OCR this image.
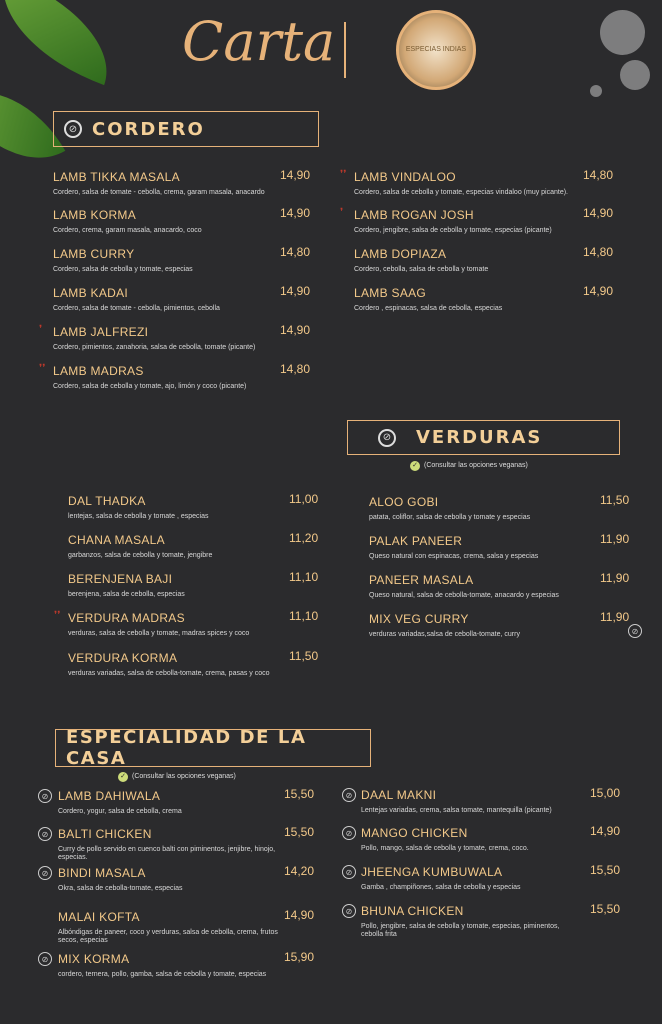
Carta	ESPECIAS INDIAS
⊘ CORDERO
LAMB TIKKA MASALA	14,90
Cordero, salsa de tomate - cebolla, crema, garam masala, anacardo
LAMB KORMA	14,90
Cordero, crema, garam masala, anacardo, coco
LAMB CURRY	14,80
Cordero, salsa de cebolla y tomate, especias
LAMB KADAI	14,90
Cordero, salsa de tomate - cebolla, pimientos, cebolla
❜ LAMB JALFREZI	14,90
Cordero, pimientos, zanahoria, salsa de cebolla, tomate (picante)
❜❜ LAMB MADRAS	14,80
Cordero, salsa de cebolla y tomate, ajo, limón y coco (picante)
❜❜ LAMB VINDALOO	14,80
Cordero, salsa de cebolla y tomate, especias vindaloo (muy picante).
❜ LAMB ROGAN JOSH	14,90
Cordero, jengibre, salsa de cebolla y tomate, especias (picante)
LAMB DOPIAZA	14,80
Cordero, cebolla, salsa de cebolla y tomate
LAMB SAAG	14,90
Cordero , espinacas, salsa de cebolla, especias
⊘ VERDURAS
✓ (Consultar las opciones veganas)
DAL THADKA	11,00
lentejas, salsa de cebolla y tomate , especias
CHANA MASALA	11,20
garbanzos, salsa de cebolla y tomate, jengibre
BERENJENA BAJI	11,10
berenjena, salsa de cebolla, especias
❜❜ VERDURA MADRAS	11,10
verduras, salsa de cebolla y tomate, madras spices y coco
VERDURA KORMA	11,50
verduras variadas, salsa de cebolla-tomate, crema, pasas y coco
ALOO GOBI	11,50
patata, coliflor, salsa de cebolla y tomate y especias
PALAK PANEER	11,90
Queso natural con espinacas, crema, salsa y especias
PANEER MASALA	11,90
Queso natural, salsa de cebolla-tomate, anacardo y especias
MIX VEG CURRY	11,90
verduras variadas,salsa de cebolla-tomate, curry	⊘
ESPECIALIDAD DE LA CASA
✓ (Consultar las opciones veganas)
⊘ LAMB DAHIWALA	15,50
Cordero, yogur, salsa de cebolla, crema
⊘ BALTI CHICKEN	15,50
Curry de pollo servido en cuenco balti con piminentos, jenjibre, hinojo, especias.
⊘ BINDI MASALA	14,20
Okra, salsa de cebolla-tomate, especias
MALAI KOFTA	14,90
Albóndigas de paneer, coco y verduras, salsa de cebolla, crema, frutos secos, especias
⊘ MIX KORMA	15,90
cordero, ternera, pollo, gamba, salsa de cebolla y tomate, especias
⊘ DAAL MAKNI	15,00
Lentejas variadas, crema, salsa tomate, mantequilla (picante)
⊘ MANGO CHICKEN	14,90
Pollo, mango, salsa de cebolla y tomate, crema, coco.
⊘ JHEENGA KUMBUWALA	15,50
Gamba , champiñones, salsa de cebolla y especias
⊘ BHUNA CHICKEN	15,50
Pollo, jengibre, salsa de cebolla y tomate, especias, piminentos, cebolla frita
